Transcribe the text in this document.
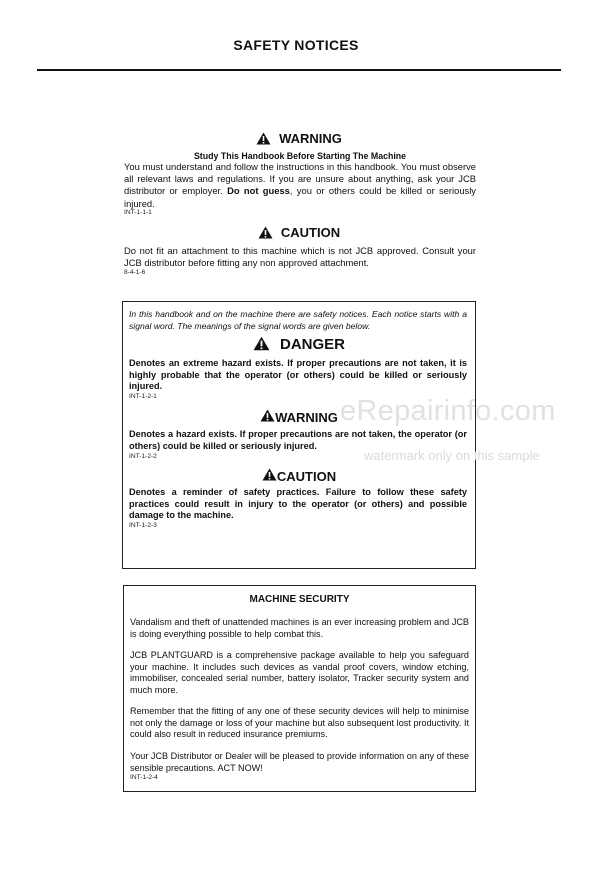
SAFETY NOTICES
WARNING
Study This Handbook Before Starting The Machine
You must understand and follow the instructions in this handbook. You must observe all relevant laws and regulations. If you are unsure about anything, ask your JCB distributor or employer. Do not guess, you or others could be killed or seriously injured.
INT-1-1-1
CAUTION
Do not fit an attachment to this machine which is not JCB approved. Consult your JCB distributor before fitting any non approved attachment.
8-4-1-6
In this handbook and on the machine there are safety notices. Each notice starts with a signal word. The meanings of the signal words are given below.
DANGER
Denotes an extreme hazard exists. If proper precautions are not taken, it is highly probable that the operator (or others) could be killed or seriously injured.
INT-1-2-1
WARNING
Denotes a hazard exists. If proper precautions are not taken, the operator (or others) could be killed or seriously injured.
INT-1-2-2
CAUTION
Denotes a reminder of safety practices. Failure to follow these safety practices could result in injury to the operator (or others) and possible damage to the machine.
INT-1-2-3
MACHINE SECURITY
Vandalism and theft of unattended machines is an ever increasing problem and JCB is doing everything possible to help combat this.
JCB PLANTGUARD is a comprehensive package available to help you safeguard your machine. It includes such devices as vandal proof covers, window etching, immobiliser, concealed serial number, battery isolator, Tracker security system and much more.
Remember that the fitting of any one of these security devices will help to minimise not only the damage or loss of your machine but also subsequent lost productivity. It could also result in reduced insurance premiums.
Your JCB Distributor or Dealer will be pleased to provide information on any of these sensible precautions. ACT NOW!
INT-1-2-4
eRepairinfo.com
watermark only on this sample
